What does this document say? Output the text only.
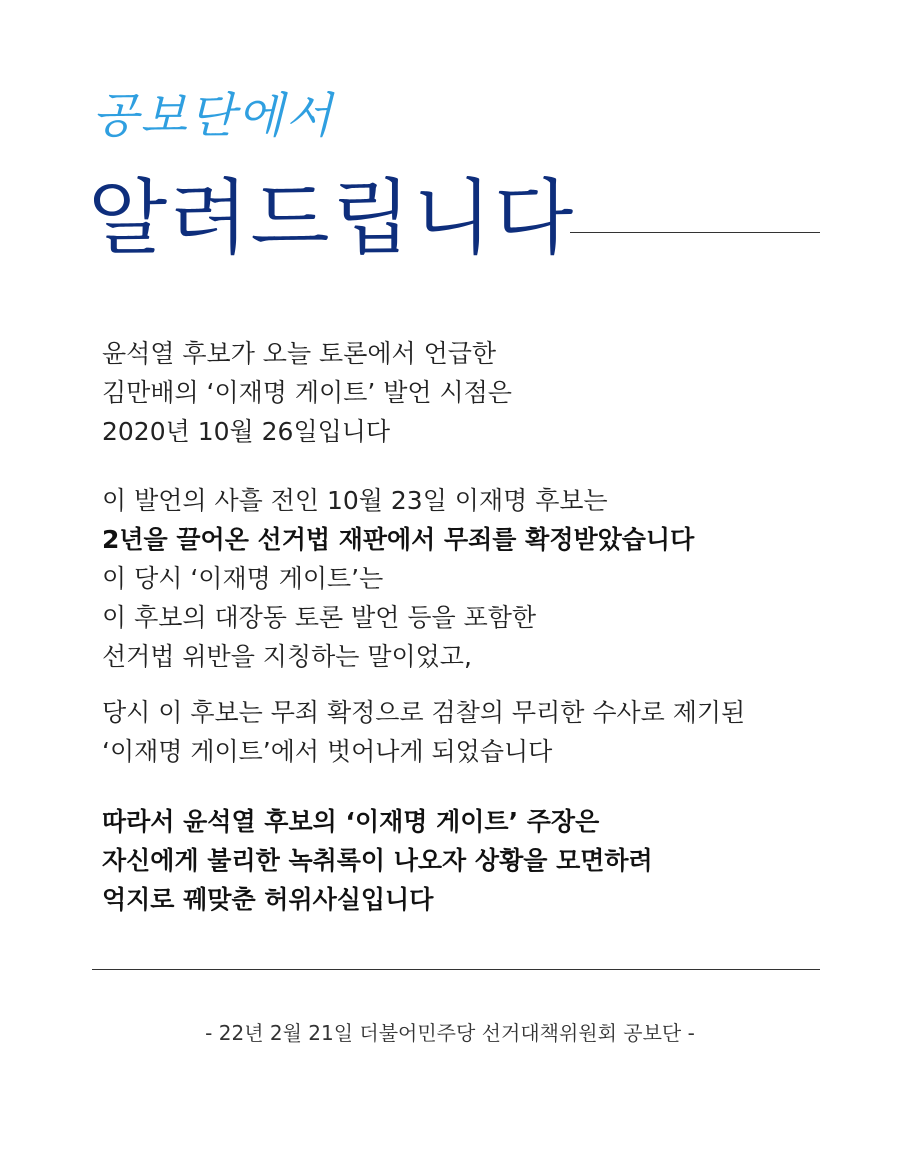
공보단에서
알려드립니다
윤석열 후보가 오늘 토론에서 언급한
김만배의 ‘이재명 게이트’ 발언 시점은
2020년 10월 26일입니다
이 발언의 사흘 전인 10월 23일 이재명 후보는
2년을 끌어온 선거법 재판에서 무죄를 확정받았습니다
이 당시 ‘이재명 게이트’는
이 후보의 대장동 토론 발언 등을 포함한
선거법 위반을 지칭하는 말이었고,
당시 이 후보는 무죄 확정으로 검찰의 무리한 수사로 제기된
‘이재명 게이트’에서 벗어나게 되었습니다
따라서 윤석열 후보의 ‘이재명 게이트’ 주장은
자신에게 불리한 녹취록이 나오자 상황을 모면하려
억지로 꿰맞춘 허위사실입니다
- 22년 2월 21일 더불어민주당 선거대책위원회 공보단 -
